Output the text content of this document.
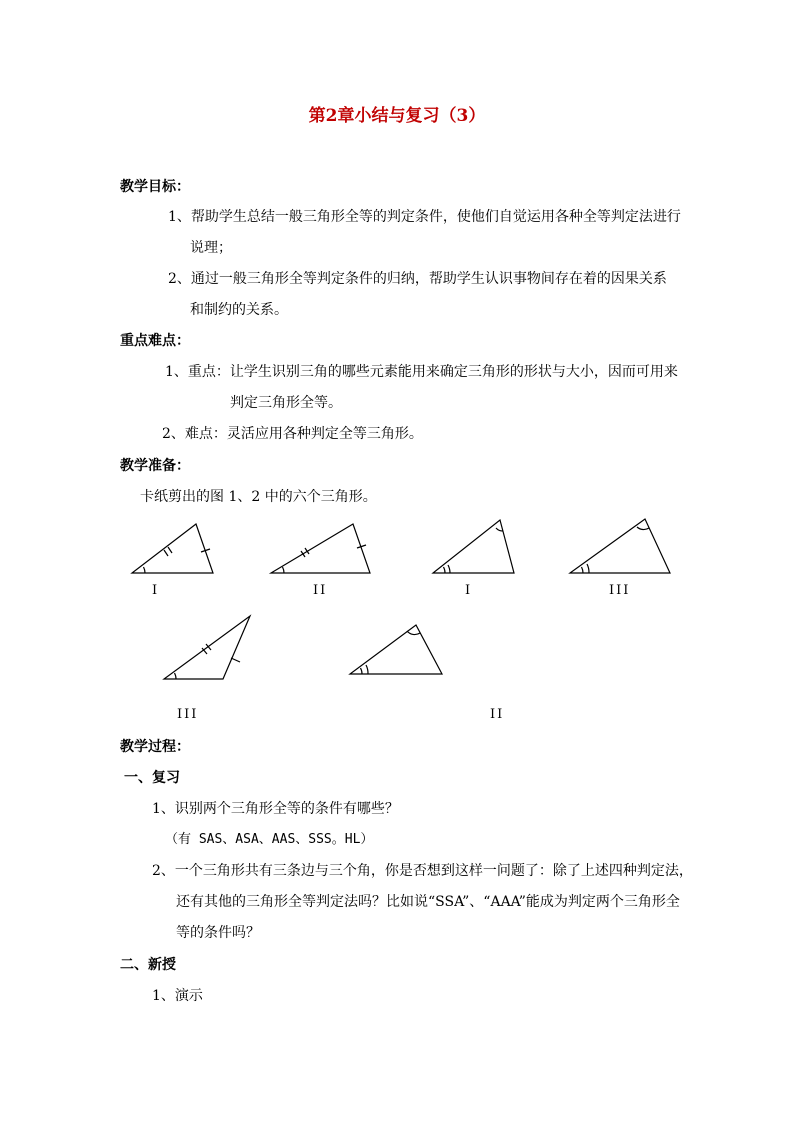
第2章小结与复习（3）
教学目标：
1、帮助学生总结一般三角形全等的判定条件，使他们自觉运用各种全等判定法进行
说理；
2、通过一般三角形全等判定条件的归纳，帮助学生认识事物间存在着的因果关系
和制约的关系。
重点难点：
1、重点：让学生识别三角的哪些元素能用来确定三角形的形状与大小，因而可用来
判定三角形全等。
2、难点：灵活应用各种判定全等三角形。
教学准备：
卡纸剪出的图 1、2 中的六个三角形。
I	II	I	III
III	II
教学过程：
一、复习
1、识别两个三角形全等的条件有哪些？
（有 SAS、ASA、AAS、SSS。HL）
2、一个三角形共有三条边与三个角，你是否想到这样一问题了：除了上述四种判定法，
还有其他的三角形全等判定法吗？比如说“SSA”、“AAA”能成为判定两个三角形全
等的条件吗？
二、新授
1、演示
